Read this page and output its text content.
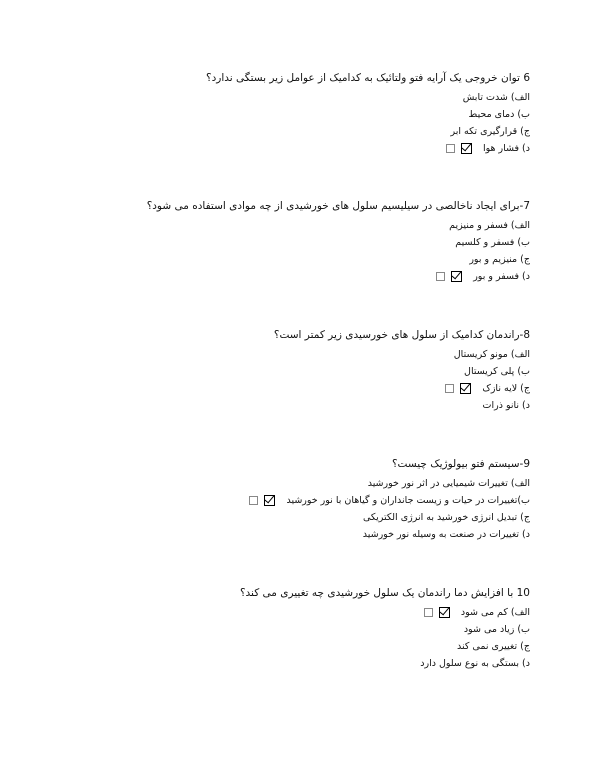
6 توان خروجی یک آرایه فتو ولتائیک به کدامیک از عوامل زیر بستگی ندارد؟
الف) شدت تابش
ب) دمای محیط
ج) قرارگیری تکه ابر
د) فشار هوا
7-برای ایجاد ناخالصی در سیلیسیم سلول های خورشیدی از چه موادی استفاده می شود؟
الف) فسفر و منیزیم
ب) فسفر و کلسیم
ج) منیزیم و بور
د) فسفر و بور
8-راندمان کدامیک از سلول های خورسیدی زیر کمتر است؟
الف) مونو کریستال
ب) پلی کریستال
ج) لایه نازک
د) نانو ذرات
9-سیستم فتو بیولوژیک چیست؟
الف) تغییرات شیمیایی در اثر نور خورشید
ب)تغییرات در حیات و زیست جانداران و گیاهان با نور خورشید
ج) تبدیل انرژی خورشید به انرژی الکتریکی
د) تغییرات در صنعت به وسیله نور خورشید
10 با افزایش دما راندمان یک سلول خورشیدی چه تغییری می کند؟
الف) کم می شود
ب) زیاد می شود
ج) تغییری نمی کند
د) بستگی به نوع سلول دارد
